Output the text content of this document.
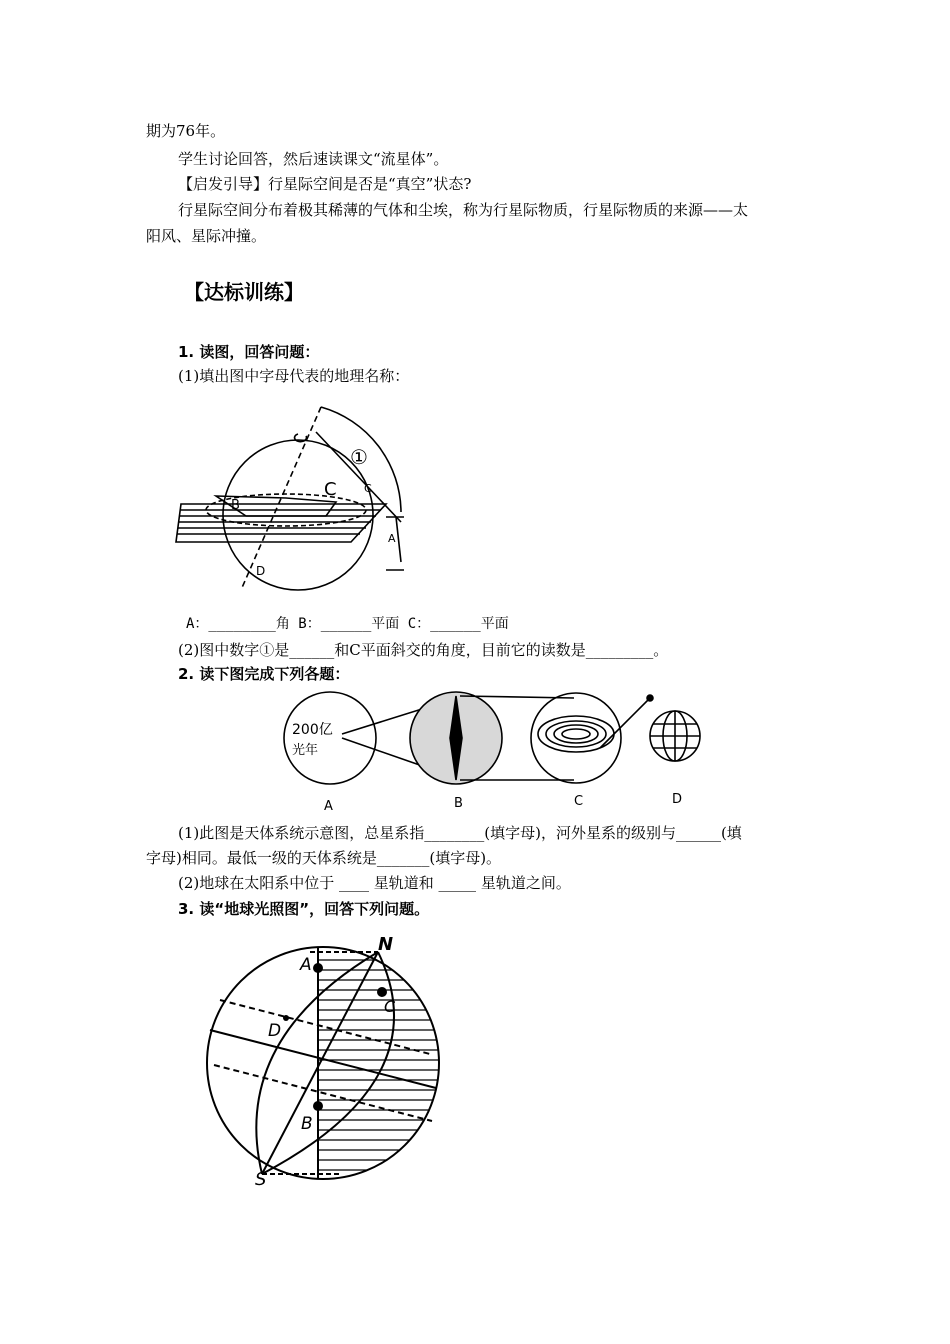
期为76年。
学生讨论回答，然后速读课文“流星体”。
【启发引导】行星际空间是否是“真空”状态?
行星际空间分布着极其稀薄的气体和尘埃，称为行星际物质，行星际物质的来源——太
阳风、星际冲撞。
【达标训练】
1. 读图，回答问题：
(1)填出图中字母代表的地理名称：
①
C C
B
D
A
A：________角 B：______平面 C：______平面
(2)图中数字①是______和C平面斜交的角度，目前它的读数是_________。
2. 读下图完成下列各题：
200亿
光年
A	B	C	D
(1)此图是天体系统示意图，总星系指________(填字母)，河外星系的级别与______(填
字母)相同。最低一级的天体系统是_______(填字母)。
(2)地球在太阳系中位于 ____ 星轨道和 _____ 星轨道之间。
3. 读“地球光照图”，回答下列问题。
N
A
C
D
B
S
